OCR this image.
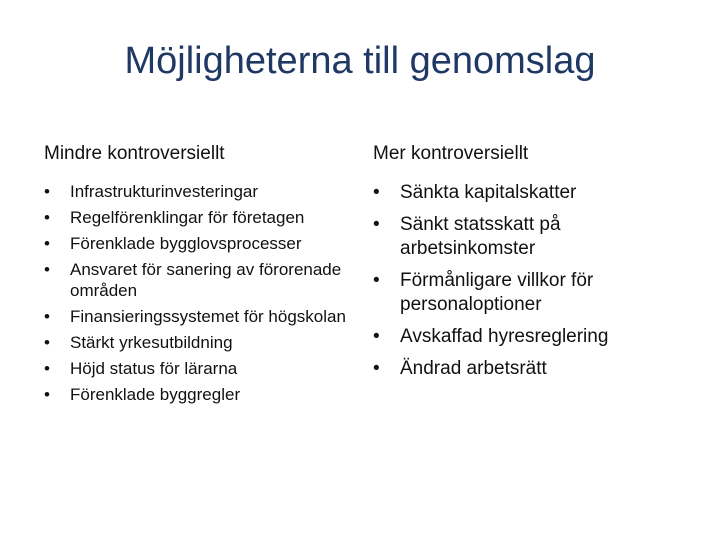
Möjligheterna till genomslag
Mindre kontroversiellt
• Infrastrukturinvesteringar
• Regelförenklingar för företagen
• Förenklade bygglovsprocesser
• Ansvaret för sanering av förorenade områden
• Finansieringssystemet för högskolan
• Stärkt yrkesutbildning
• Höjd status för lärarna
• Förenklade byggregler
Mer kontroversiellt
• Sänkta kapitalskatter
• Sänkt statsskatt på arbetsinkomster
• Förmånligare villkor för personaloptioner
• Avskaffad hyresreglering
• Ändrad arbetsrätt
